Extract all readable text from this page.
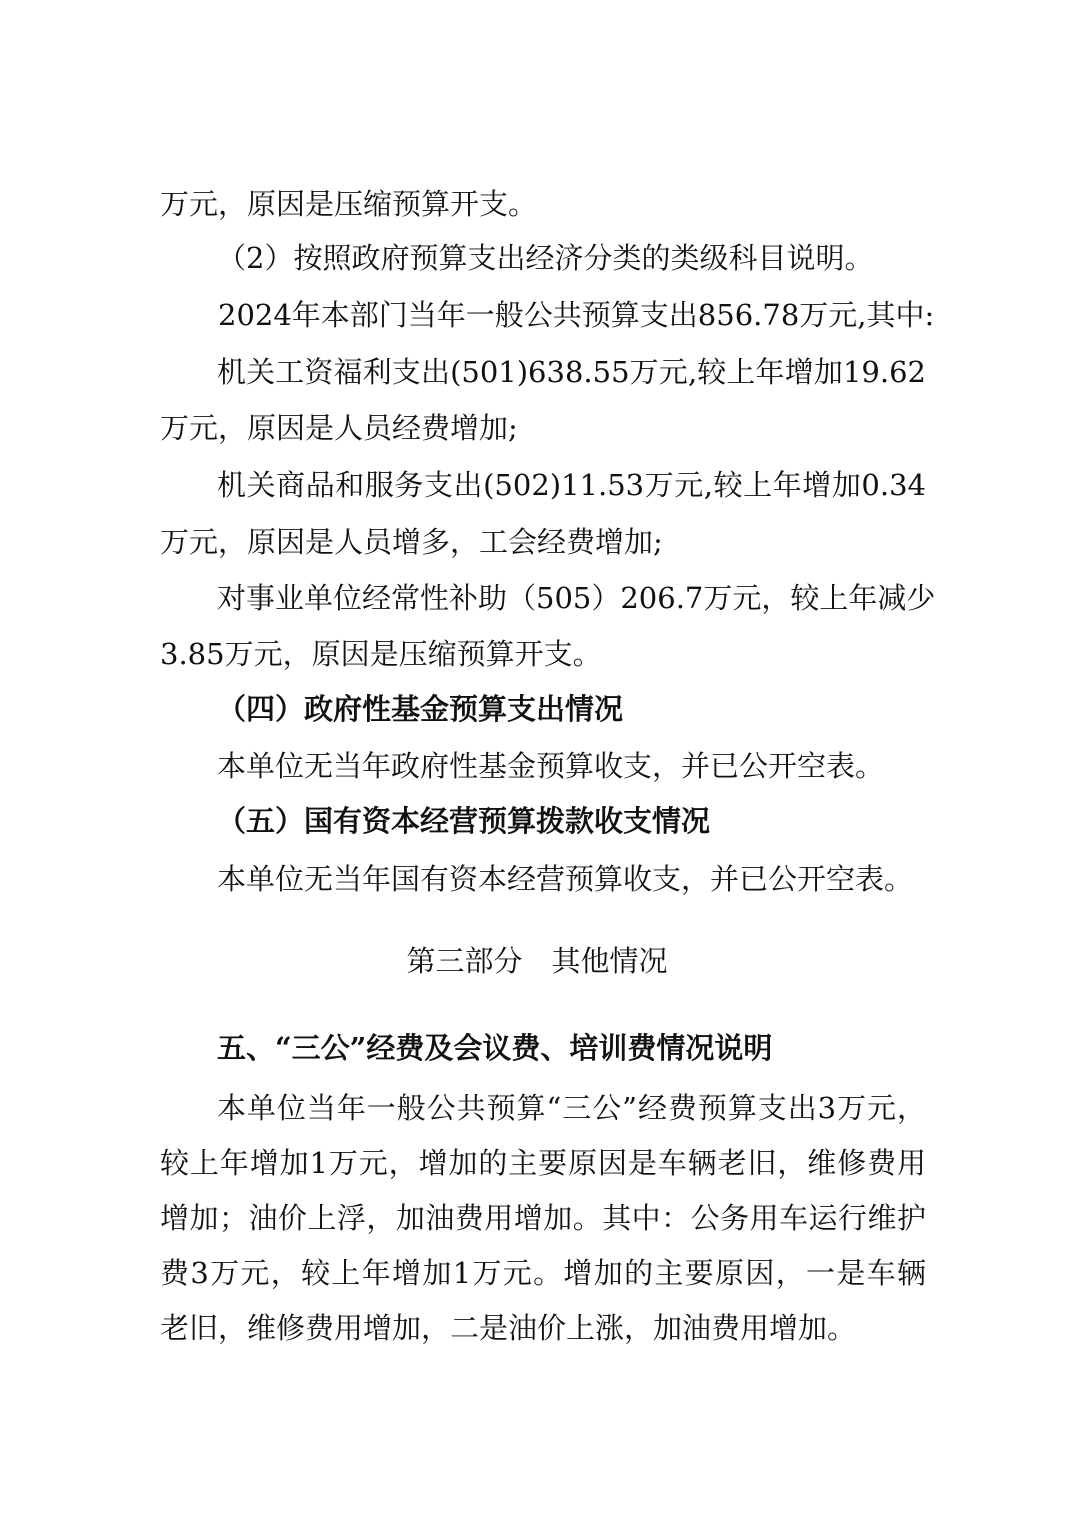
万元，原因是压缩预算开支。
（2）按照政府预算支出经济分类的类级科目说明。
2024年本部门当年一般公共预算支出856.78万元,其中:
机关工资福利支出(501)638.55万元,较上年增加19.62
万元，原因是人员经费增加;
机关商品和服务支出(502)11.53万元,较上年增加0.34
万元，原因是人员增多，工会经费增加;
对事业单位经常性补助（505）206.7万元，较上年减少
3.85万元，原因是压缩预算开支。
（四）政府性基金预算支出情况
本单位无当年政府性基金预算收支，并已公开空表。
（五）国有资本经营预算拨款收支情况
本单位无当年国有资本经营预算收支，并已公开空表。
第三部分　其他情况
五、“三公”经费及会议费、培训费情况说明
本单位当年一般公共预算“三公”经费预算支出3万元，
较上年增加1万元，增加的主要原因是车辆老旧，维修费用
增加；油价上浮，加油费用增加。其中：公务用车运行维护
费3万元，较上年增加1万元。增加的主要原因，一是车辆
老旧，维修费用增加，二是油价上涨，加油费用增加。
